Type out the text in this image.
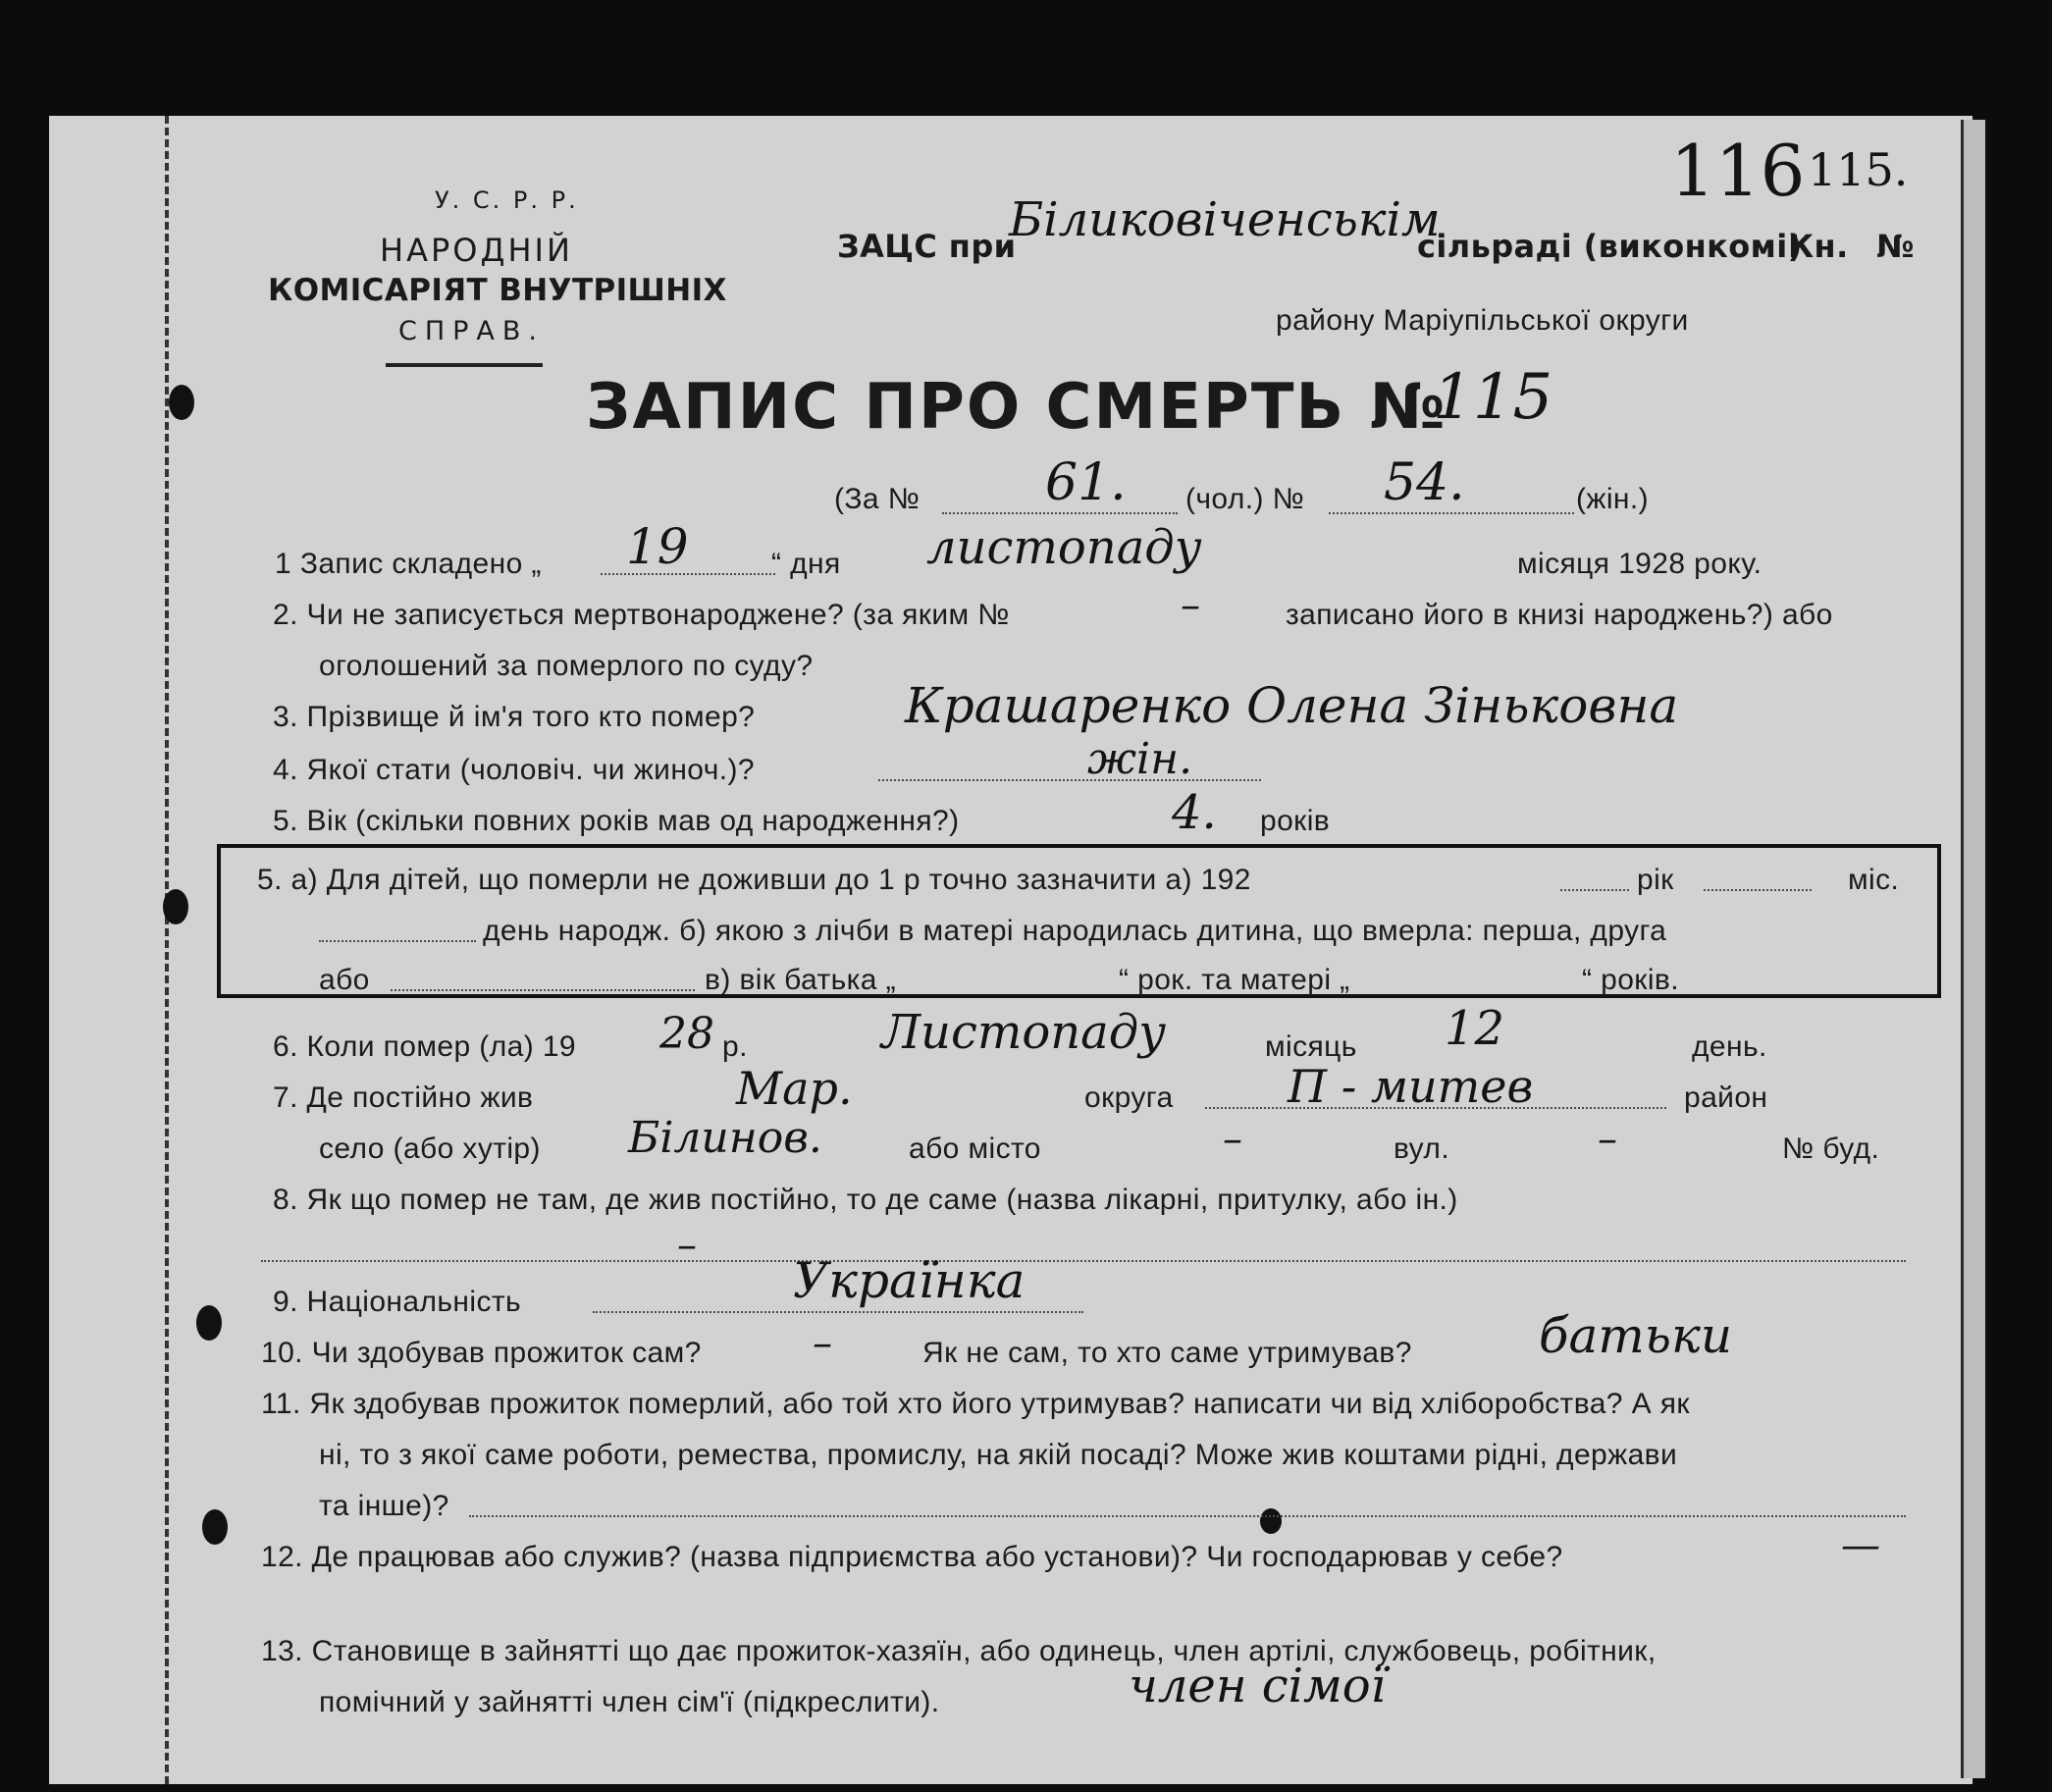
У. С. Р. Р.
НАРОДНІЙ
КОМІСАРІЯТ ВНУТРІШНІХ
СПРАВ.
ЗАЦС при
Біликовіченськім
сільраді (виконкомі)
Кн. №
116 115.
району Маріупільської округи
ЗАПИС ПРО СМЕРТЬ №
115
(За № 61. (чол.) № 54.	(жін.)
1 Запис складено „ 19	“ дня листопаду	місяця 1928 року.
2. Чи не записується мертвонароджене? (за яким №	–	записано його в книзі народжень?) або
оголошений за померлого по суду?
3. Прізвище й ім'я того кто помер?	Крашаренко Олена Зіньковна
4. Якої стати (чоловіч. чи жиноч.)?	жін.
5. Вік (скільки повних років мав од народження?)	4. років
5. а) Для дітей, що померли не доживши до 1 р точно зазначити а) 192	рік	міс.
день народж. б) якою з лічби в матері народилась дитина, що вмерла: перша, друга
або	в) вік батька „	“ рок. та матері „	“ років.
6. Коли помер (ла) 19 28 р.	Листопаду	місяць 12	день.
7. Де постійно жив	Мар.	округа	П - митев	район
село (або хутір) Білинов.	або місто	–	вул.	–	№ буд.
8. Як що помер не там, де жив постійно, то де саме (назва лікарні, притулку, або ін.)
–
9. Національність	Українка
10. Чи здобував прожиток сам?	–	Як не сам, то хто саме утримував?	батьки
11. Як здобував прожиток померлий, або той хто його утримував? написати чи від хліборобства? А як
ні, то з якої саме роботи, ремества, промислу, на якій посаді? Може жив коштами рідні, держави
та інше)?
12. Де працював або служив? (назва підприємства або установи)? Чи господарював у себе?	—
13. Становище в зайнятті що дає прожиток-хазяїн, або одинець, член артілі, службовець, робітник,
помічний у зайнятті член сім'ї (підкреслити).	член сімої
